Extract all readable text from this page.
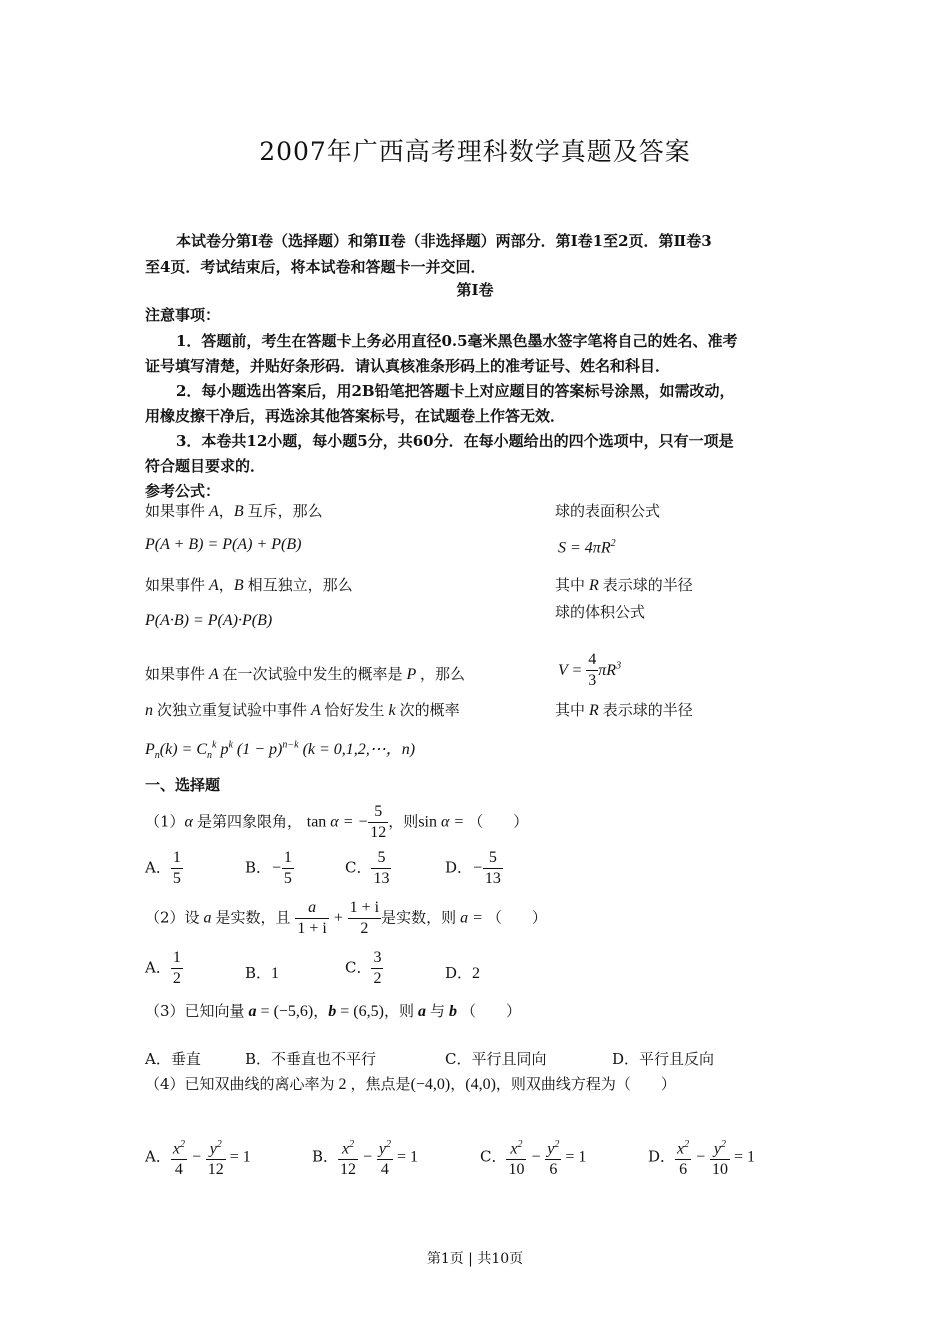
2007年广西高考理科数学真题及答案
本试卷分第Ⅰ卷（选择题）和第Ⅱ卷（非选择题）两部分．第Ⅰ卷1至2页．第Ⅱ卷3
至4页．考试结束后，将本试卷和答题卡一并交回．
第Ⅰ卷
注意事项：
1．答题前，考生在答题卡上务必用直径0.5毫米黑色墨水签字笔将自己的姓名、准考
证号填写清楚，并贴好条形码．请认真核准条形码上的准考证号、姓名和科目．
2．每小题选出答案后，用2B铅笔把答题卡上对应题目的答案标号涂黑，如需改动，
用橡皮擦干净后，再选涂其他答案标号，在试题卷上作答无效．
3．本卷共12小题，每小题5分，共60分．在每小题给出的四个选项中，只有一项是
符合题目要求的．
参考公式：
如果事件 A，B 互斥，那么
P(A + B) = P(A) + P(B)
如果事件 A，B 相互独立，那么
P(A·B) = P(A)·P(B)
如果事件 A 在一次试验中发生的概率是 P ，那么
n 次独立重复试验中事件 A 恰好发生 k 次的概率
$P_n(k) = C_n^k$ $p^k$ $(1 - p)^{n-k}$ (k = 0,1,2,⋯，n)
球的表面积公式
$S = 4\pi R^2$
其中 R 表示球的半径
球的体积公式
$V = \frac{4}{3} \pi R^3$
其中 R 表示球的半径
一、选择题
（1）α 是第四象限角， tan α = − $\frac{5}{12}$ ，则sin α = （　　）
A． $\frac{1}{5}$	B．− $\frac{1}{5}$	C． $\frac{5}{13}$	D．− $\frac{5}{13}$
（2）设 a 是实数，且 $\frac{a}{1 + i} + \frac{1 + i}{2}$ 是实数，则 a = （　　）
A． $\frac{1}{2}$	B．1	C． $\frac{3}{2}$	D．2
（3）已知向量 a = (−5,6)，b = (6,5)，则 a 与 b （　　）
A．垂直	B．不垂直也不平行	C．平行且同向	D．平行且反向
（4）已知双曲线的离心率为 2 ，焦点是(−4,0)，(4,0)，则双曲线方程为（　　）
A． $\frac{x^2}{4} - \frac{y^2}{12} = 1$	B． $\frac{x^2}{12} - \frac{y^2}{4} = 1$	C． $\frac{x^2}{10} - \frac{y^2}{6} = 1$	D． $\frac{x^2}{6} - \frac{y^2}{10} = 1$
第1页 | 共10页
